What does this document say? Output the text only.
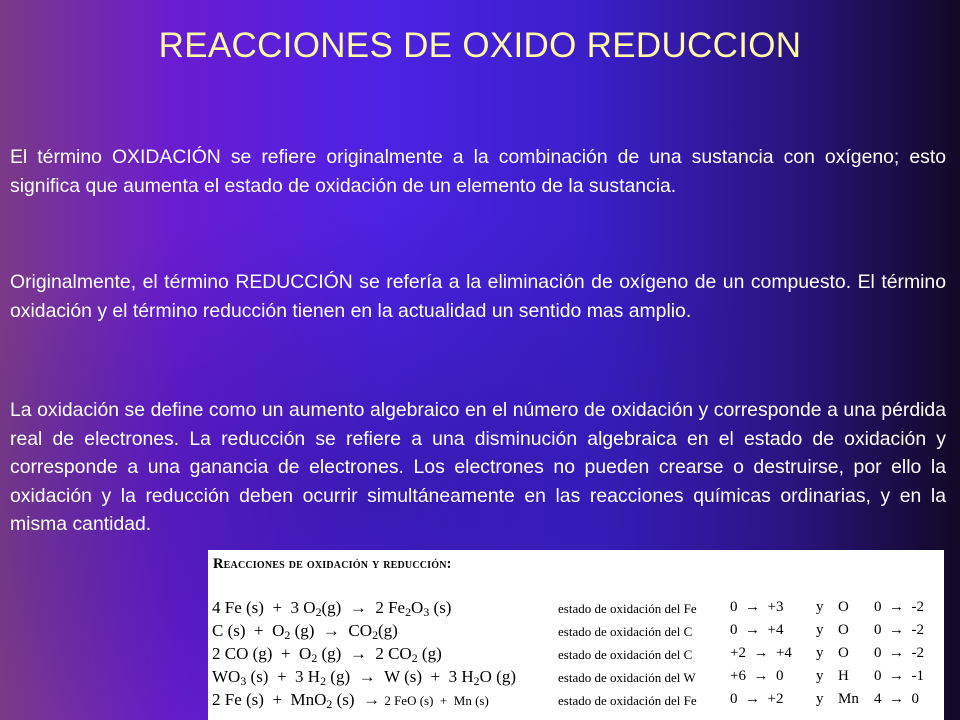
REACCIONES DE OXIDO REDUCCION

El término OXIDACIÓN se refiere originalmente a la combinación de una sustancia con oxígeno; esto significa que aumenta el estado de oxidación de un elemento de la sustancia.

Originalmente, el término REDUCCIÓN se refería a la eliminación de oxígeno de un compuesto. El término oxidación y el término reducción tienen en la actualidad un sentido mas amplio.

La oxidación se define como un aumento algebraico en el número de oxidación y corresponde a una pérdida real de electrones. La reducción se refiere a una disminución algebraica en el estado de oxidación y corresponde a una ganancia de electrones. Los electrones no pueden crearse o destruirse, por ello la oxidación y la reducción deben ocurrir simultáneamente en las reacciones químicas ordinarias, y en la misma cantidad.

Reacciones de oxidación y reducción:
4 Fe (s)  +  3 $O_2(g) \to 2$ $Fe_2O_3$ (s)	estado de oxidación del Fe 0  →  +3 y O 0  →  -2
C $(s) + O_2$ $(g) \to CO_2(g)$	estado de oxidación del C	0  →  +4 y O 0  →  -2
2 CO $(g) + O_2$ (g)  →  2 $CO_2$ (g)	estado de oxidación del C	+2  →  +4 y O 0  →  -2
$WO_3$ (s)  +  3 $H_2$ (g)  →  W (s)  +  3 $H_2O$ (g)	estado de oxidación del W +6  →  0 y H 0  →  -1
2 Fe (s)  +  MnO$_2$ (s)  → 2 FeO (s)  +  Mn (s)	estado de oxidación del Fe 0  →  +2 y Mn 4  →  0
